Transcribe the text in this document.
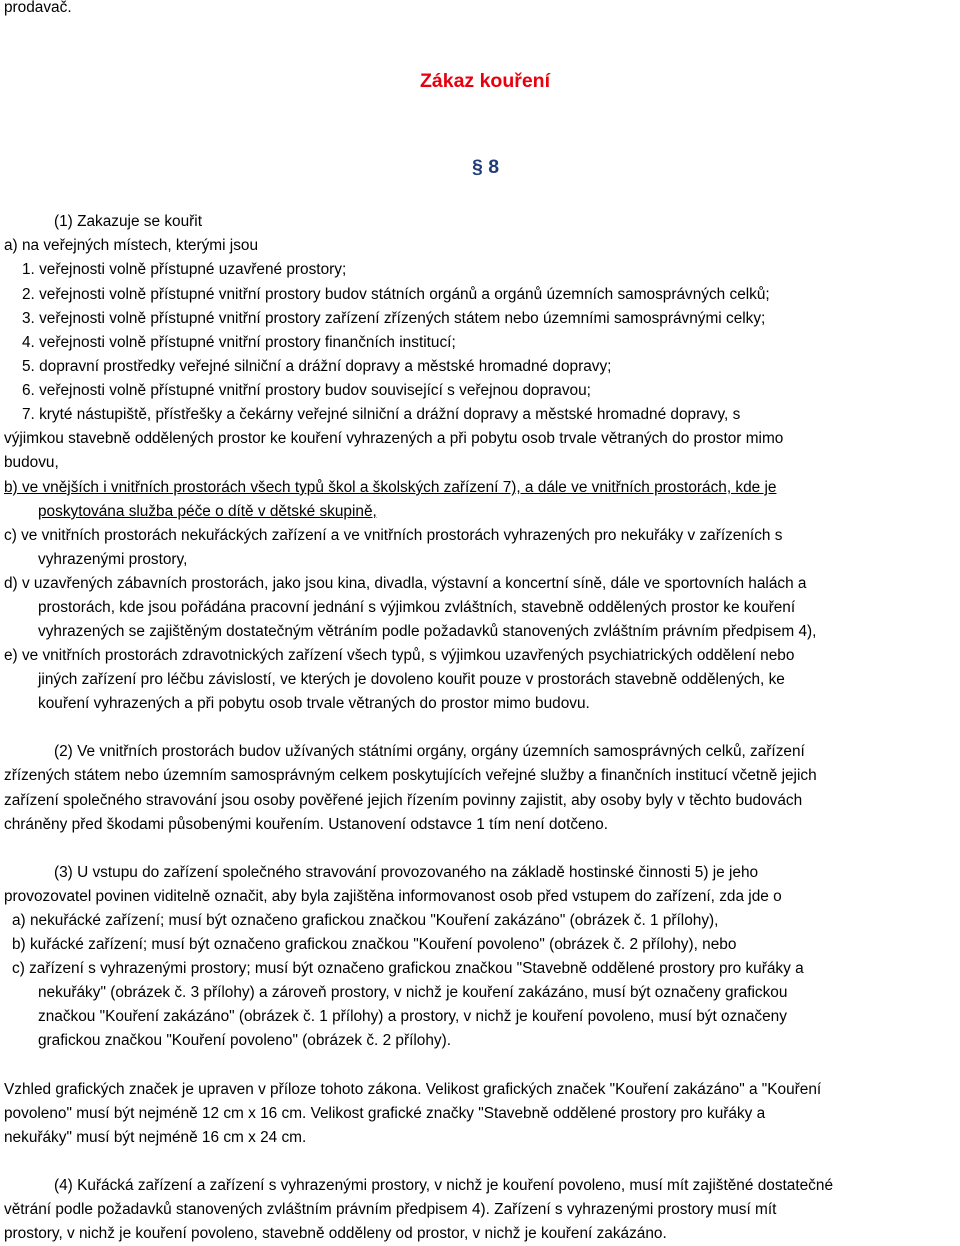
prodavač.
Zákaz kouření
§ 8
(1) Zakazuje se kouřit
a) na veřejných místech, kterými jsou
1. veřejnosti volně přístupné uzavřené prostory;
2. veřejnosti volně přístupné vnitřní prostory budov státních orgánů a orgánů územních samosprávných celků;
3. veřejnosti volně přístupné vnitřní prostory zařízení zřízených státem nebo územními samosprávnými celky;
4. veřejnosti volně přístupné vnitřní prostory finančních institucí;
5. dopravní prostředky veřejné silniční a drážní dopravy a městské hromadné dopravy;
6. veřejnosti volně přístupné vnitřní prostory budov související s veřejnou dopravou;
7. kryté nástupiště, přístřešky a čekárny veřejné silniční a drážní dopravy a městské hromadné dopravy, s
výjimkou stavebně oddělených prostor ke kouření vyhrazených a při pobytu osob trvale větraných do prostor mimo
budovu,
b) ve vnějších i vnitřních prostorách všech typů škol a školských zařízení 7), a dále ve vnitřních prostorách, kde je
poskytována služba péče o dítě v dětské skupině,
c) ve vnitřních prostorách nekuřáckých zařízení a ve vnitřních prostorách vyhrazených pro nekuřáky v zařízeních s
vyhrazenými prostory,
d) v uzavřených zábavních prostorách, jako jsou kina, divadla, výstavní a koncertní síně, dále ve sportovních halách a
prostorách, kde jsou pořádána pracovní jednání s výjimkou zvláštních, stavebně oddělených prostor ke kouření
vyhrazených se zajištěným dostatečným větráním podle požadavků stanovených zvláštním právním předpisem 4),
e) ve vnitřních prostorách zdravotnických zařízení všech typů, s výjimkou uzavřených psychiatrických oddělení nebo
jiných zařízení pro léčbu závislostí, ve kterých je dovoleno kouřit pouze v prostorách stavebně oddělených, ke
kouření vyhrazených a při pobytu osob trvale větraných do prostor mimo budovu.
(2) Ve vnitřních prostorách budov užívaných státními orgány, orgány územních samosprávných celků, zařízení
zřízených státem nebo územním samosprávným celkem poskytujících veřejné služby a finančních institucí včetně jejich
zařízení společného stravování jsou osoby pověřené jejich řízením povinny zajistit, aby osoby byly v těchto budovách
chráněny před škodami působenými kouřením. Ustanovení odstavce 1 tím není dotčeno.
(3) U vstupu do zařízení společného stravování provozovaného na základě hostinské činnosti 5) je jeho
provozovatel povinen viditelně označit, aby byla zajištěna informovanost osob před vstupem do zařízení, zda jde o
a) nekuřácké zařízení; musí být označeno grafickou značkou "Kouření zakázáno" (obrázek č. 1 přílohy),
b) kuřácké zařízení; musí být označeno grafickou značkou "Kouření povoleno" (obrázek č. 2 přílohy), nebo
c) zařízení s vyhrazenými prostory; musí být označeno grafickou značkou "Stavebně oddělené prostory pro kuřáky a
nekuřáky" (obrázek č. 3 přílohy) a zároveň prostory, v nichž je kouření zakázáno, musí být označeny grafickou
značkou "Kouření zakázáno" (obrázek č. 1 přílohy) a prostory, v nichž je kouření povoleno, musí být označeny
grafickou značkou "Kouření povoleno" (obrázek č. 2 přílohy).
Vzhled grafických značek je upraven v příloze tohoto zákona. Velikost grafických značek "Kouření zakázáno" a "Kouření
povoleno" musí být nejméně 12 cm x 16 cm. Velikost grafické značky "Stavebně oddělené prostory pro kuřáky a
nekuřáky" musí být nejméně 16 cm x 24 cm.
(4) Kuřácká zařízení a zařízení s vyhrazenými prostory, v nichž je kouření povoleno, musí mít zajištěné dostatečné
větrání podle požadavků stanovených zvláštním právním předpisem 4). Zařízení s vyhrazenými prostory musí mít
prostory, v nichž je kouření povoleno, stavebně odděleny od prostor, v nichž je kouření zakázáno.
